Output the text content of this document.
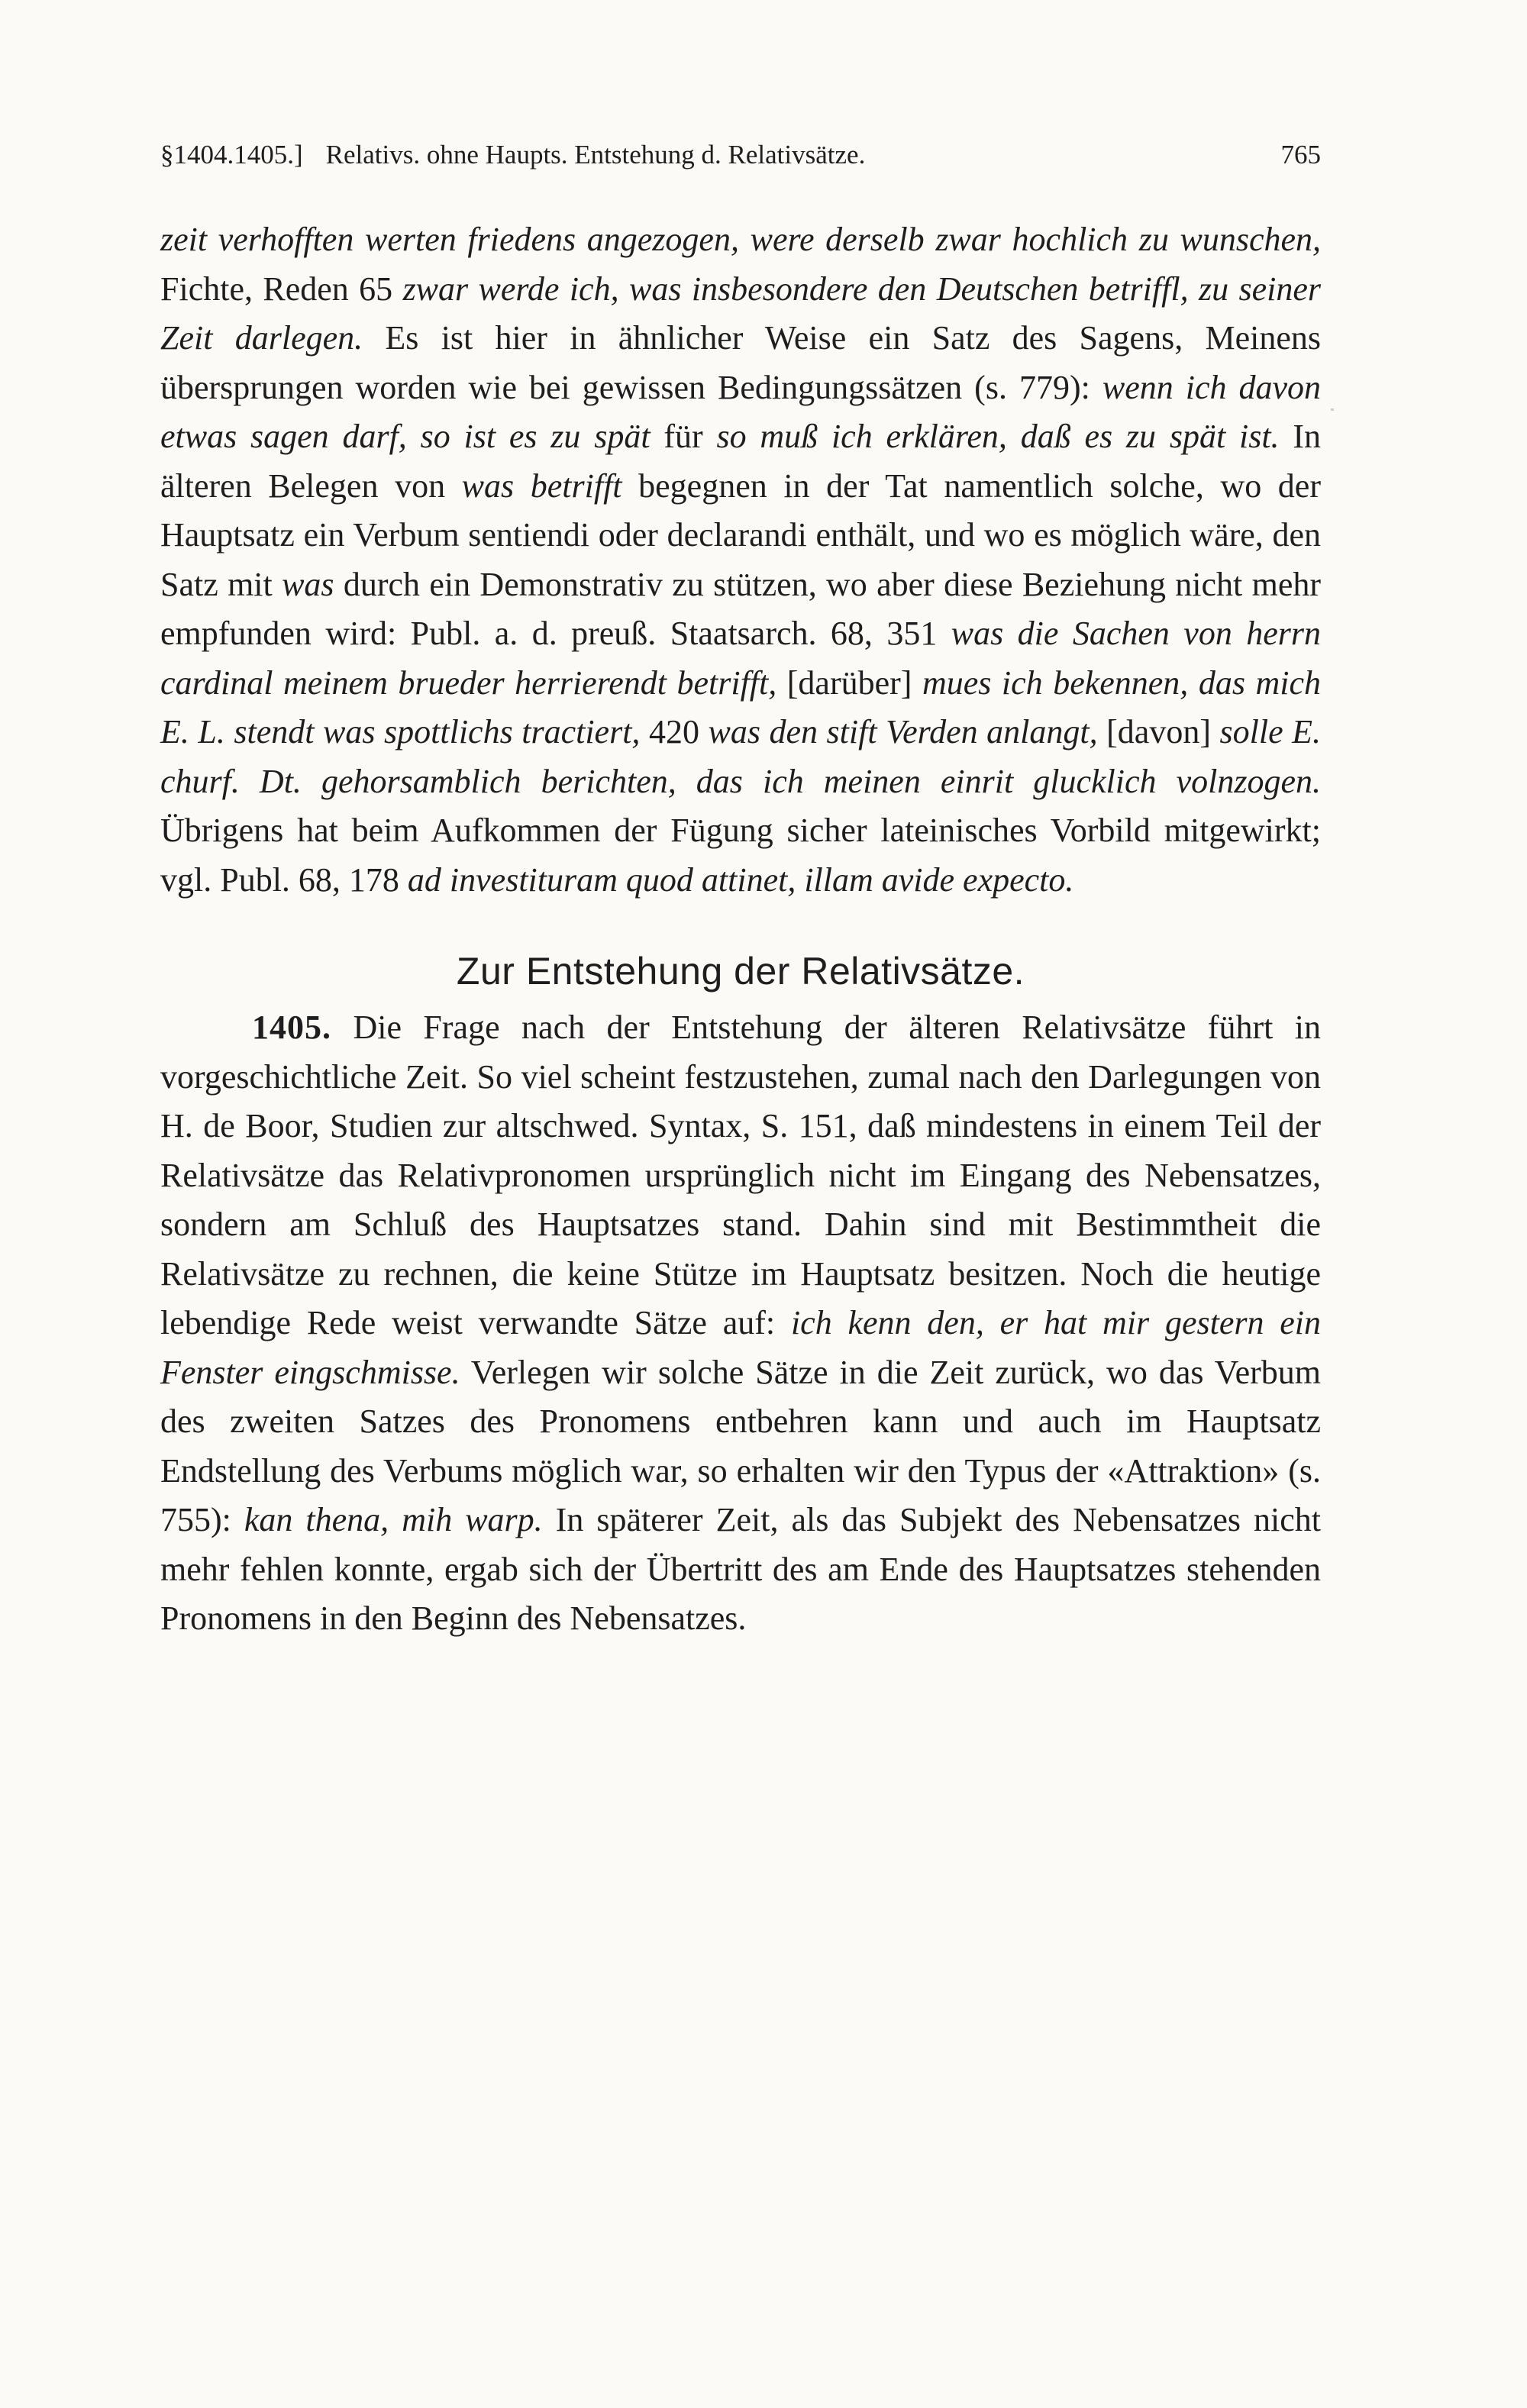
§1404.1405.] Relativs. ohne Haupts. Entstehung d. Relativsätze.	765

zeit verhofften werten friedens angezogen, were derselb zwar hochlich zu wunschen, Fichte, Reden 65 zwar werde ich, was insbesondere den Deutschen betriffl, zu seiner Zeit darlegen. Es ist hier in ähnlicher Weise ein Satz des Sagens, Meinens übersprungen worden wie bei gewissen Bedingungssätzen (s. 779): wenn ich davon etwas sagen darf, so ist es zu spät für so muß ich erklären, daß es zu spät ist. In älteren Belegen von was betrifft begegnen in der Tat namentlich solche, wo der Hauptsatz ein Verbum sentiendi oder declarandi enthält, und wo es möglich wäre, den Satz mit was durch ein Demonstrativ zu stützen, wo aber diese Beziehung nicht mehr empfunden wird: Publ. a. d. preuß. Staatsarch. 68, 351 was die Sachen von herrn cardinal meinem brueder herrierendt betrifft, [darüber] mues ich bekennen, das mich E. L. stendt was spottlichs tractiert, 420 was den stift Verden anlangt, [davon] solle E. churf. Dt. gehorsamblich berichten, das ich meinen einrit glucklich volnzogen. Übrigens hat beim Aufkommen der Fügung sicher lateinisches Vorbild mitgewirkt; vgl. Publ. 68, 178 ad investituram quod attinet, illam avide expecto.

Zur Entstehung der Relativsätze.

1405. Die Frage nach der Entstehung der älteren Relativsätze führt in vorgeschichtliche Zeit. So viel scheint festzustehen, zumal nach den Darlegungen von H. de Boor, Studien zur altschwed. Syntax, S. 151, daß mindestens in einem Teil der Relativsätze das Relativpronomen ursprünglich nicht im Eingang des Nebensatzes, sondern am Schluß des Hauptsatzes stand. Dahin sind mit Bestimmtheit die Relativsätze zu rechnen, die keine Stütze im Hauptsatz besitzen. Noch die heutige lebendige Rede weist verwandte Sätze auf: ich kenn den, er hat mir gestern ein Fenster eingschmisse. Verlegen wir solche Sätze in die Zeit zurück, wo das Verbum des zweiten Satzes des Pronomens entbehren kann und auch im Hauptsatz Endstellung des Verbums möglich war, so erhalten wir den Typus der «Attraktion» (s. 755): kan thena, mih warp. In späterer Zeit, als das Subjekt des Nebensatzes nicht mehr fehlen konnte, ergab sich der Übertritt des am Ende des Hauptsatzes stehenden Pronomens in den Beginn des Nebensatzes.
